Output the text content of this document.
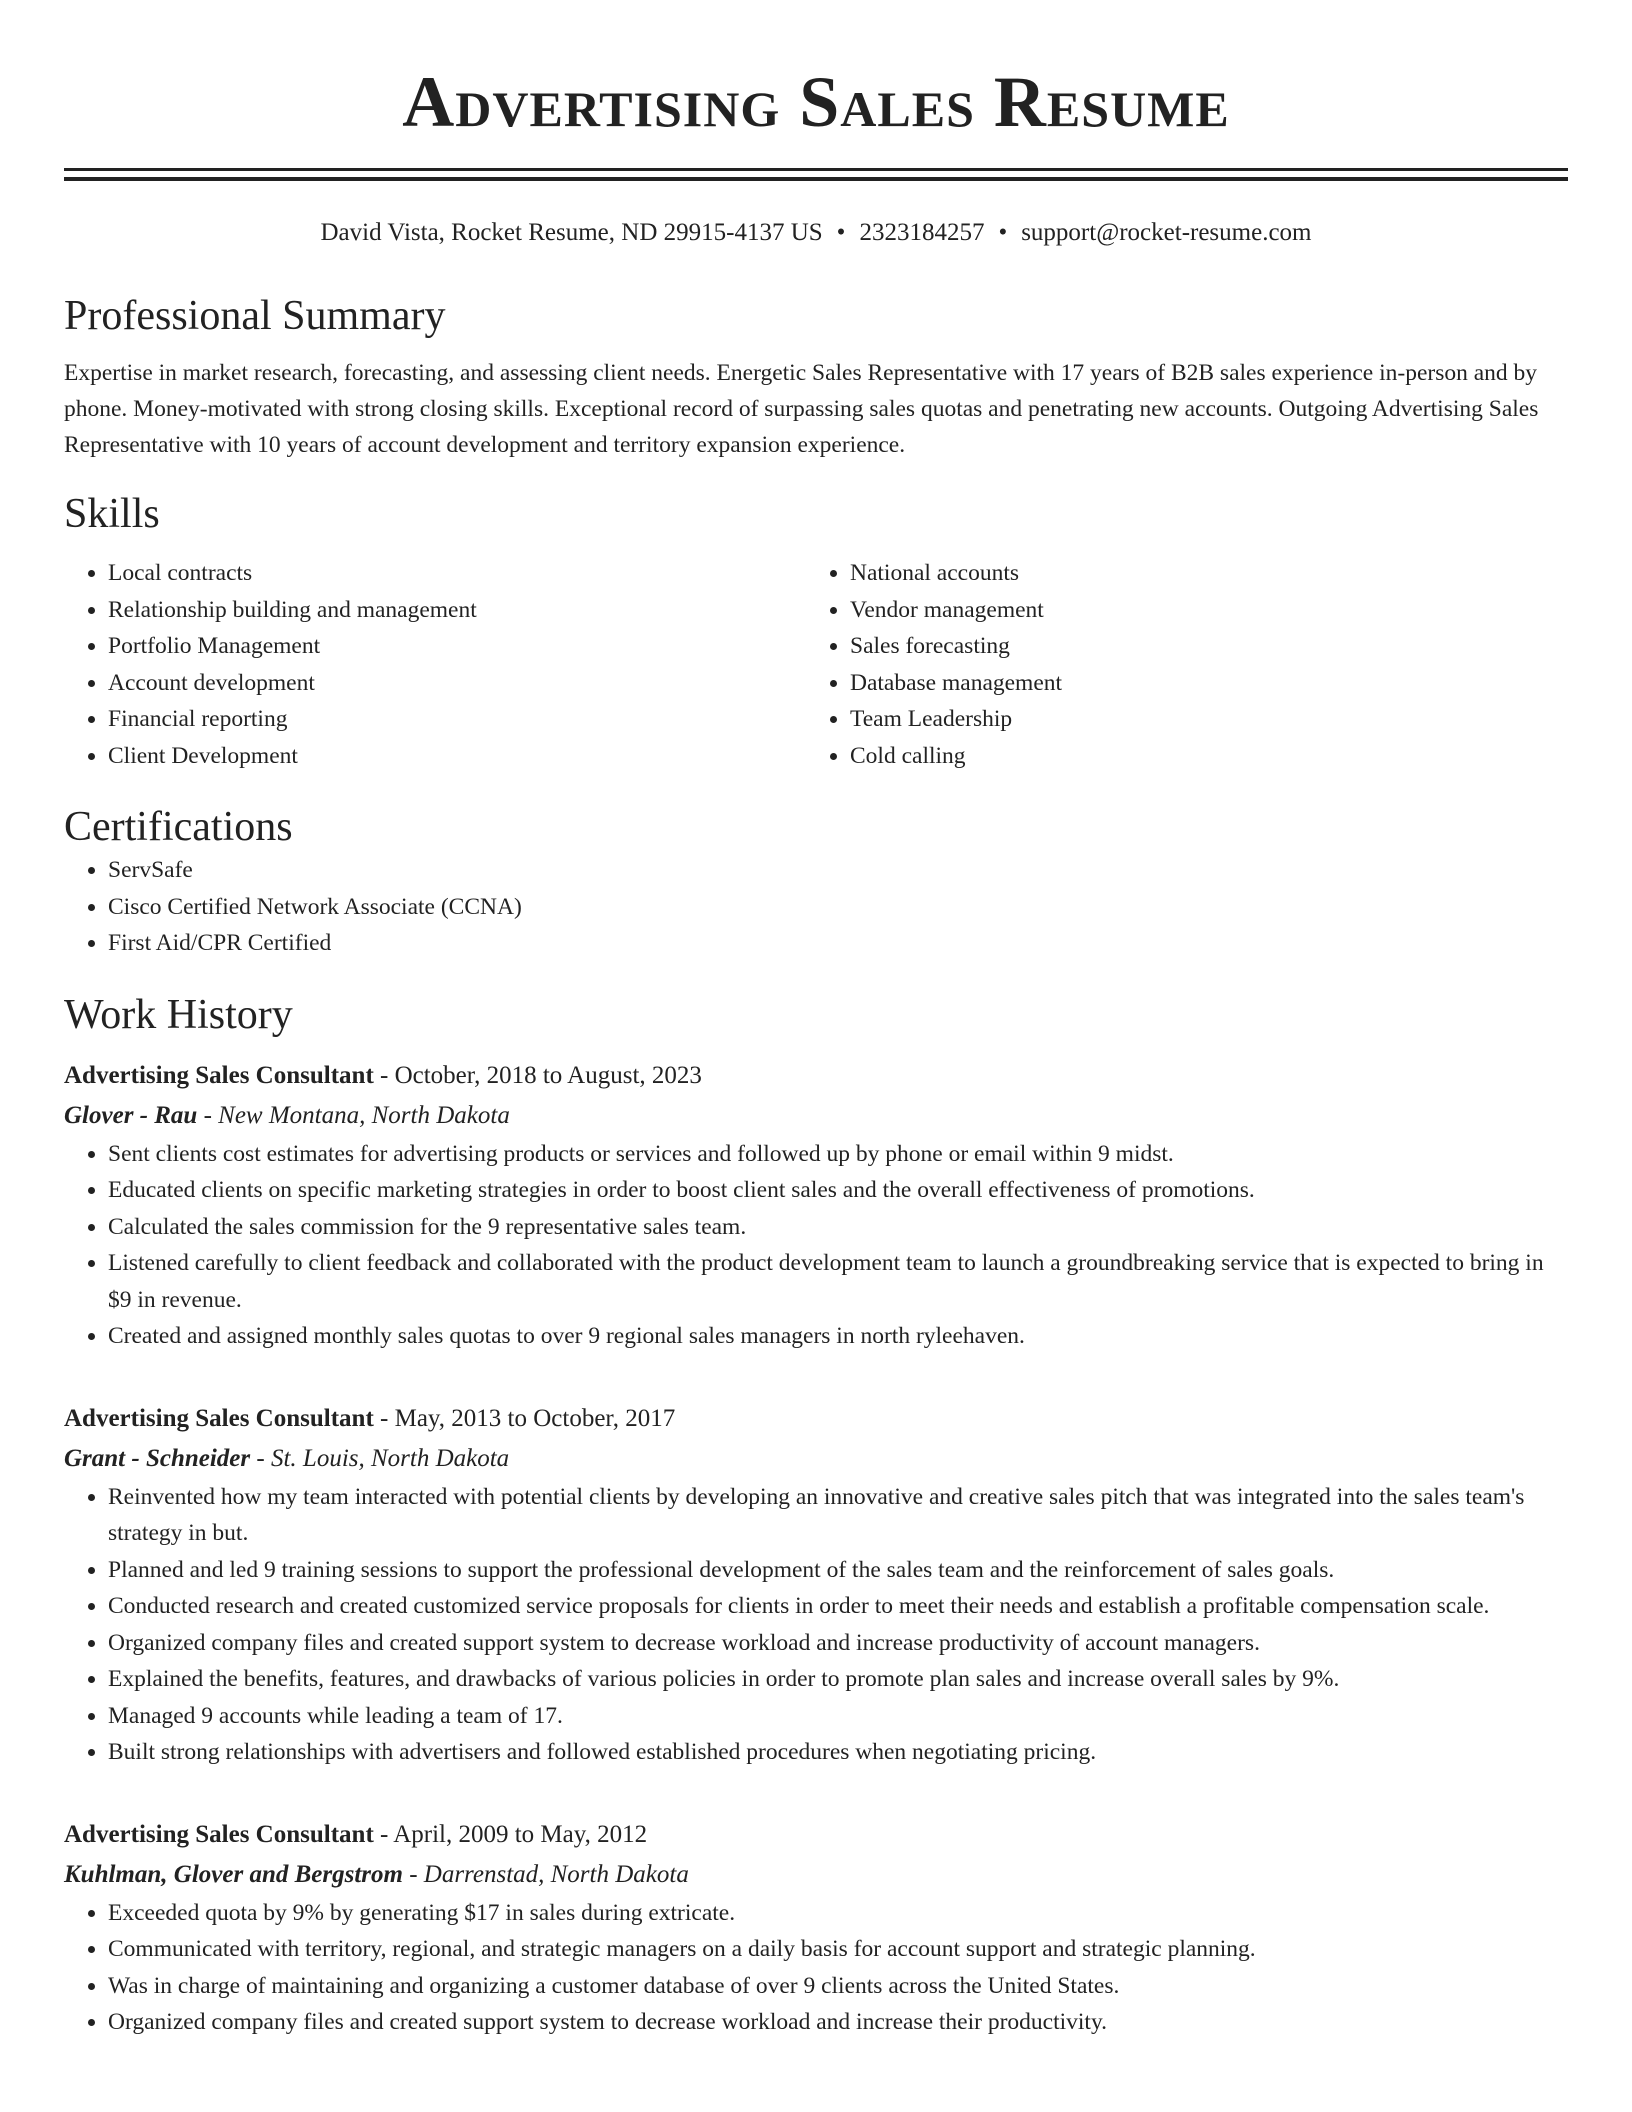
Advertising Sales Resume
David Vista, Rocket Resume, ND 29915-4137 US • 2323184257 • support@rocket-resume.com
Professional Summary
Expertise in market research, forecasting, and assessing client needs. Energetic Sales Representative with 17 years of B2B sales experience in-person and by phone. Money-motivated with strong closing skills. Exceptional record of surpassing sales quotas and penetrating new accounts. Outgoing Advertising Sales Representative with 10 years of account development and territory expansion experience.
Skills
• Local contracts
• Relationship building and management
• Portfolio Management
• Account development
• Financial reporting
• Client Development
• National accounts
• Vendor management
• Sales forecasting
• Database management
• Team Leadership
• Cold calling
Certifications
• ServSafe
• Cisco Certified Network Associate (CCNA)
• First Aid/CPR Certified
Work History
Advertising Sales Consultant - October, 2018 to August, 2023
Glover - Rau - New Montana, North Dakota
• Sent clients cost estimates for advertising products or services and followed up by phone or email within 9 midst.
• Educated clients on specific marketing strategies in order to boost client sales and the overall effectiveness of promotions.
• Calculated the sales commission for the 9 representative sales team.
• Listened carefully to client feedback and collaborated with the product development team to launch a groundbreaking service that is expected to bring in $9 in revenue.
• Created and assigned monthly sales quotas to over 9 regional sales managers in north ryleehaven.
Advertising Sales Consultant - May, 2013 to October, 2017
Grant - Schneider - St. Louis, North Dakota
• Reinvented how my team interacted with potential clients by developing an innovative and creative sales pitch that was integrated into the sales team's strategy in but.
• Planned and led 9 training sessions to support the professional development of the sales team and the reinforcement of sales goals.
• Conducted research and created customized service proposals for clients in order to meet their needs and establish a profitable compensation scale.
• Organized company files and created support system to decrease workload and increase productivity of account managers.
• Explained the benefits, features, and drawbacks of various policies in order to promote plan sales and increase overall sales by 9%.
• Managed 9 accounts while leading a team of 17.
• Built strong relationships with advertisers and followed established procedures when negotiating pricing.
Advertising Sales Consultant - April, 2009 to May, 2012
Kuhlman, Glover and Bergstrom - Darrenstad, North Dakota
• Exceeded quota by 9% by generating $17 in sales during extricate.
• Communicated with territory, regional, and strategic managers on a daily basis for account support and strategic planning.
• Was in charge of maintaining and organizing a customer database of over 9 clients across the United States.
• Organized company files and created support system to decrease workload and increase their productivity.
